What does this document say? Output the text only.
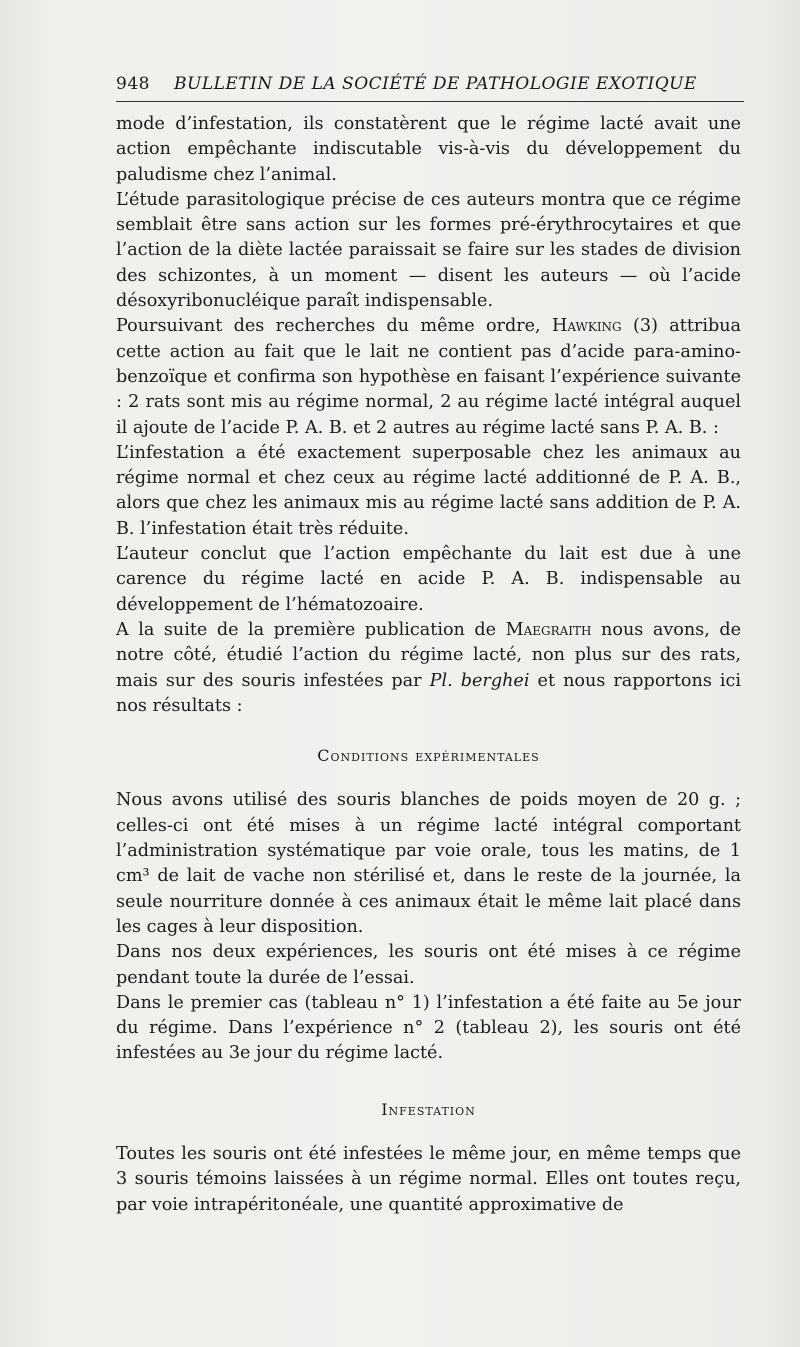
948 BULLETIN DE LA SOCIÉTÉ DE PATHOLOGIE EXOTIQUE

mode d’infestation, ils constatèrent que le régime lacté avait une action empêchante indiscutable vis-à-vis du développement du paludisme chez l’animal.

L’étude parasitologique précise de ces auteurs montra que ce régime semblait être sans action sur les formes pré-érythrocytaires et que l’action de la diète lactée paraissait se faire sur les stades de division des schizontes, à un moment — disent les auteurs — où l’acide désoxyribonucléique paraît indispensable.

Poursuivant des recherches du même ordre, Hawking (3) attribua cette action au fait que le lait ne contient pas d’acide para-amino-benzoïque et confirma son hypothèse en faisant l’expérience suivante : 2 rats sont mis au régime normal, 2 au régime lacté intégral auquel il ajoute de l’acide P. A. B. et 2 autres au régime lacté sans P. A. B. :

L’infestation a été exactement superposable chez les animaux au régime normal et chez ceux au régime lacté additionné de P. A. B., alors que chez les animaux mis au régime lacté sans addition de P. A. B. l’infestation était très réduite.

L’auteur conclut que l’action empêchante du lait est due à une carence du régime lacté en acide P. A. B. indispensable au développement de l’hématozoaire.

A la suite de la première publication de Maegraith nous avons, de notre côté, étudié l’action du régime lacté, non plus sur des rats, mais sur des souris infestées par Pl. berghei et nous rapportons ici nos résultats :

Conditions expérimentales

Nous avons utilisé des souris blanches de poids moyen de 20 g. ; celles-ci ont été mises à un régime lacté intégral comportant l’administration systématique par voie orale, tous les matins, de 1 cm³ de lait de vache non stérilisé et, dans le reste de la journée, la seule nourriture donnée à ces animaux était le même lait placé dans les cages à leur disposition.

Dans nos deux expériences, les souris ont été mises à ce régime pendant toute la durée de l’essai.

Dans le premier cas (tableau n° 1) l’infestation a été faite au 5e jour du régime. Dans l’expérience n° 2 (tableau 2), les souris ont été infestées au 3e jour du régime lacté.

Infestation

Toutes les souris ont été infestées le même jour, en même temps que 3 souris témoins laissées à un régime normal. Elles ont toutes reçu, par voie intrapéritonéale, une quantité approximative de
